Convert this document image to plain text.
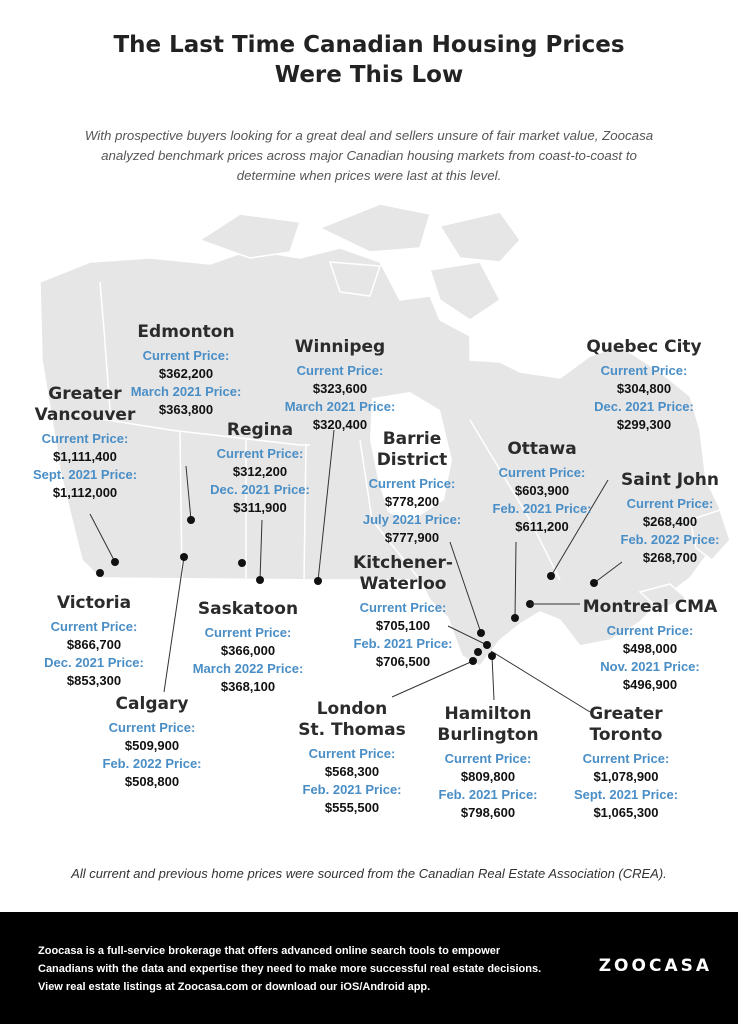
The Last Time Canadian Housing Prices
Were This Low
With prospective buyers looking for a great deal and sellers unsure of fair market value, Zoocasa
analyzed benchmark prices across major Canadian housing markets from coast-to-coast to
determine when prices were last at this level.
Edmonton
Current Price:
$362,200
March 2021 Price:
$363,800
Winnipeg
Current Price:
$323,600
March 2021 Price:
$320,400
Quebec City
Current Price:
$304,800
Dec. 2021 Price:
$299,300
Greater
Vancouver
Current Price:
$1,111,400
Sept. 2021 Price:
$1,112,000
Regina
Current Price:
$312,200
Dec. 2021 Price:
$311,900
Barrie
District
Current Price:
$778,200
July 2021 Price:
$777,900
Ottawa
Current Price:
$603,900
Feb. 2021 Price:
$611,200
Saint John
Current Price:
$268,400
Feb. 2022 Price:
$268,700
Kitchener-
Waterloo
Current Price:
$705,100
Feb. 2021 Price:
$706,500
Victoria
Current Price:
$866,700
Dec. 2021 Price:
$853,300
Saskatoon
Current Price:
$366,000
March 2022 Price:
$368,100
Montreal CMA
Current Price:
$498,000
Nov. 2021 Price:
$496,900
Calgary
Current Price:
$509,900
Feb. 2022 Price:
$508,800
London
St. Thomas
Current Price:
$568,300
Feb. 2021 Price:
$555,500
Hamilton
Burlington
Current Price:
$809,800
Feb. 2021 Price:
$798,600
Greater
Toronto
Current Price:
$1,078,900
Sept. 2021 Price:
$1,065,300
All current and previous home prices were sourced from the Canadian Real Estate Association (CREA).
Zoocasa is a full-service brokerage that offers advanced online search tools to empower
Canadians with the data and expertise they need to make more successful real estate decisions.
View real estate listings at Zoocasa.com or download our iOS/Android app.
ZOOCASA
